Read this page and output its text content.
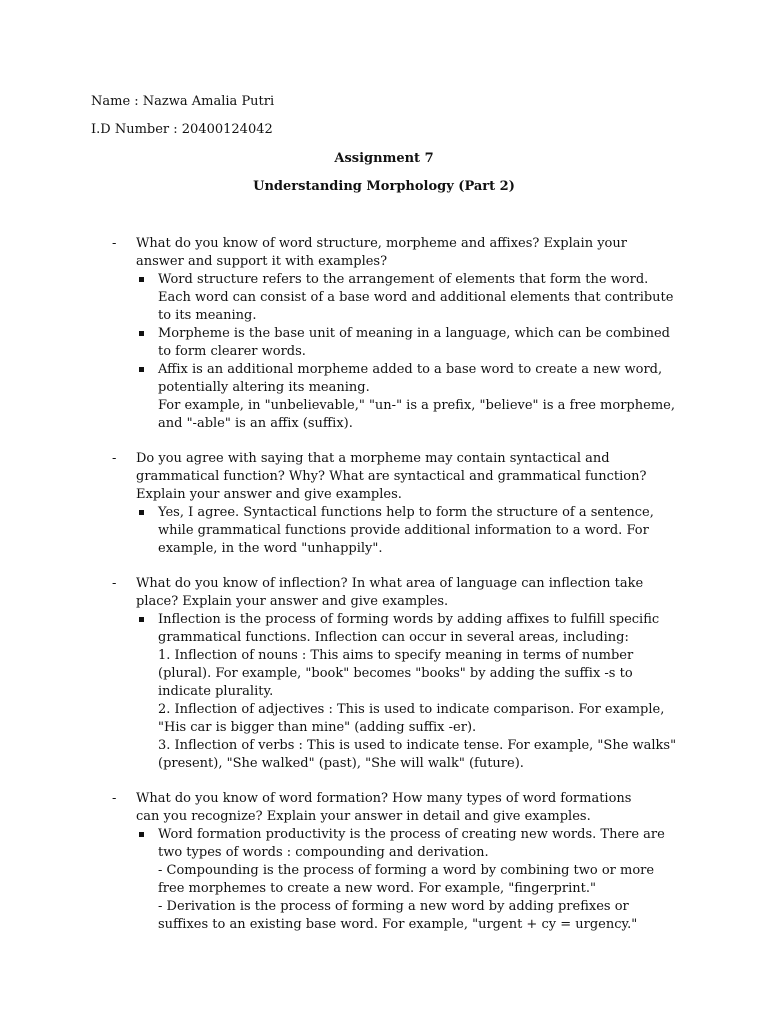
Name : Nazwa Amalia Putri
I.D Number : 20400124042
Assignment 7
Understanding Morphology (Part 2)
- What do you know of word structure, morpheme and affixes? Explain your answer and support it with examples?
Word structure refers to the arrangement of elements that form the word. Each word can consist of a base word and additional elements that contribute to its meaning.
Morpheme is the base unit of meaning in a language, which can be combined to form clearer words.
Affix is an additional morpheme added to a base word to create a new word, potentially altering its meaning.
For example, in "unbelievable," "un-" is a prefix, "believe" is a free morpheme, and "-able" is an affix (suffix).
- Do you agree with saying that a morpheme may contain syntactical and grammatical function? Why? What are syntactical and grammatical function? Explain your answer and give examples.
Yes, I agree. Syntactical functions help to form the structure of a sentence, while grammatical functions provide additional information to a word. For example, in the word "unhappily".
- What do you know of inflection? In what area of language can inflection take place? Explain your answer and give examples.
Inflection is the process of forming words by adding affixes to fulfill specific grammatical functions. Inflection can occur in several areas, including:
1. Inflection of nouns : This aims to specify meaning in terms of number (plural). For example, "book" becomes "books" by adding the suffix -s to indicate plurality.
2. Inflection of adjectives : This is used to indicate comparison. For example, "His car is bigger than mine" (adding suffix -er).
3. Inflection of verbs : This is used to indicate tense. For example, "She walks" (present), "She walked" (past), "She will walk" (future).
- What do you know of word formation? How many types of word formations can you recognize? Explain your answer in detail and give examples.
Word formation productivity is the process of creating new words. There are two types of words : compounding and derivation.
- Compounding is the process of forming a word by combining two or more free morphemes to create a new word. For example, "fingerprint."
- Derivation is the process of forming a new word by adding prefixes or suffixes to an existing base word. For example, "urgent + cy = urgency."
